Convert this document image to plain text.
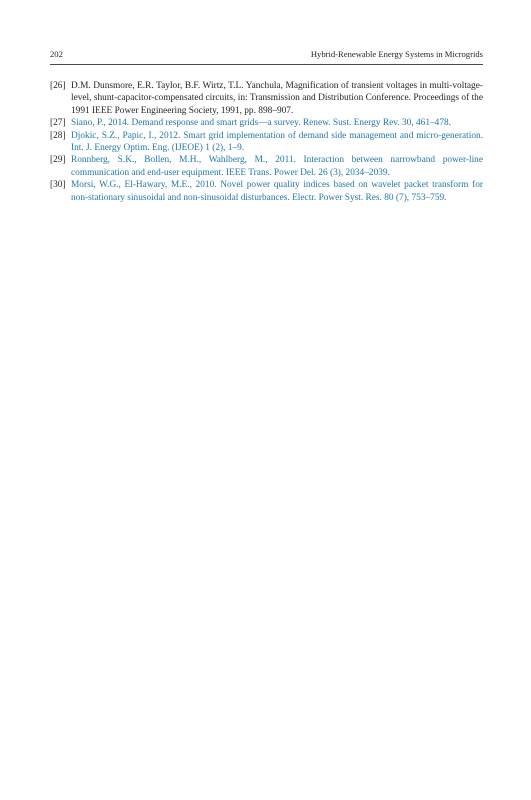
202	Hybrid-Renewable Energy Systems in Microgrids
[26] D.M. Dunsmore, E.R. Taylor, B.F. Wirtz, T.L. Yanchula, Magnification of transient voltages in multi-voltage-level, shunt-capacitor-compensated circuits, in: Transmission and Distribution Conference. Proceedings of the 1991 IEEE Power Engineering Society, 1991, pp. 898–907.
[27] Siano, P., 2014. Demand response and smart grids—a survey. Renew. Sust. Energy Rev. 30, 461–478.
[28] Djokic, S.Z., Papic, I., 2012. Smart grid implementation of demand side management and micro-generation. Int. J. Energy Optim. Eng. (IJEOE) 1 (2), 1–9.
[29] Ronnberg, S.K., Bollen, M.H., Wahlberg, M., 2011. Interaction between narrowband power-line communication and end-user equipment. IEEE Trans. Power Del. 26 (3), 2034–2039.
[30] Morsi, W.G., El-Hawary, M.E., 2010. Novel power quality indices based on wavelet packet transform for non-stationary sinusoidal and non-sinusoidal disturbances. Electr. Power Syst. Res. 80 (7), 753–759.
